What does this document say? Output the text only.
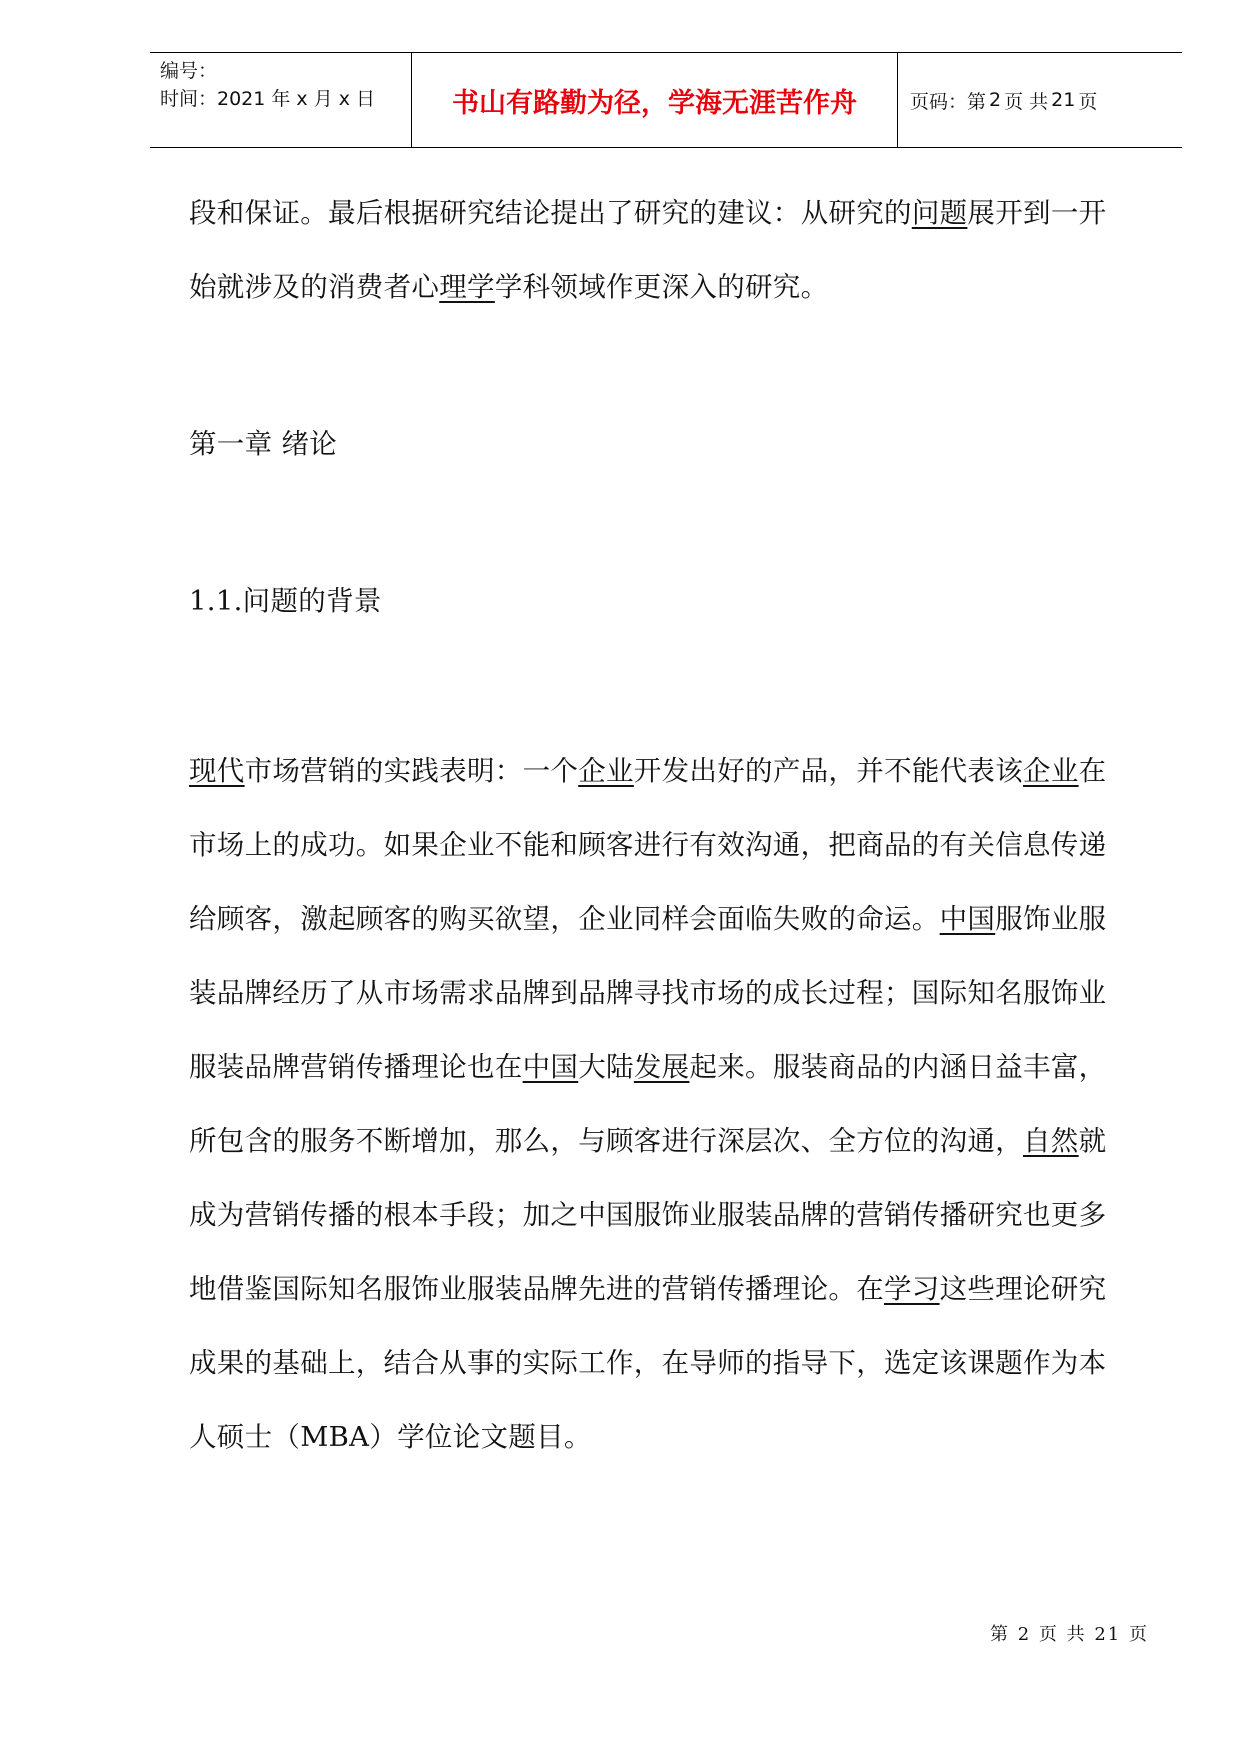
编号：
时间：2021 年 x 月 x 日	书山有路勤为径，学海无涯苦作舟	页码：第 2 页 共 21 页

段和保证。最后根据研究结论提出了研究的建议：从研究的问题展开到一开

始就涉及的消费者心理学学科领域作更深入的研究。

第一章 绪论

1.1.问题的背景

现代市场营销的实践表明：一个企业开发出好的产品，并不能代表该企业在

市场上的成功。如果企业不能和顾客进行有效沟通，把商品的有关信息传递

给顾客，激起顾客的购买欲望，企业同样会面临失败的命运。中国服饰业服

装品牌经历了从市场需求品牌到品牌寻找市场的成长过程；国际知名服饰业

服装品牌营销传播理论也在中国大陆发展起来。服装商品的内涵日益丰富，

所包含的服务不断增加，那么，与顾客进行深层次、全方位的沟通，自然就

成为营销传播的根本手段；加之中国服饰业服装品牌的营销传播研究也更多

地借鉴国际知名服饰业服装品牌先进的营销传播理论。在学习这些理论研究

成果的基础上，结合从事的实际工作，在导师的指导下，选定该课题作为本

人硕士（MBA）学位论文题目。

第 2 页 共 21 页
